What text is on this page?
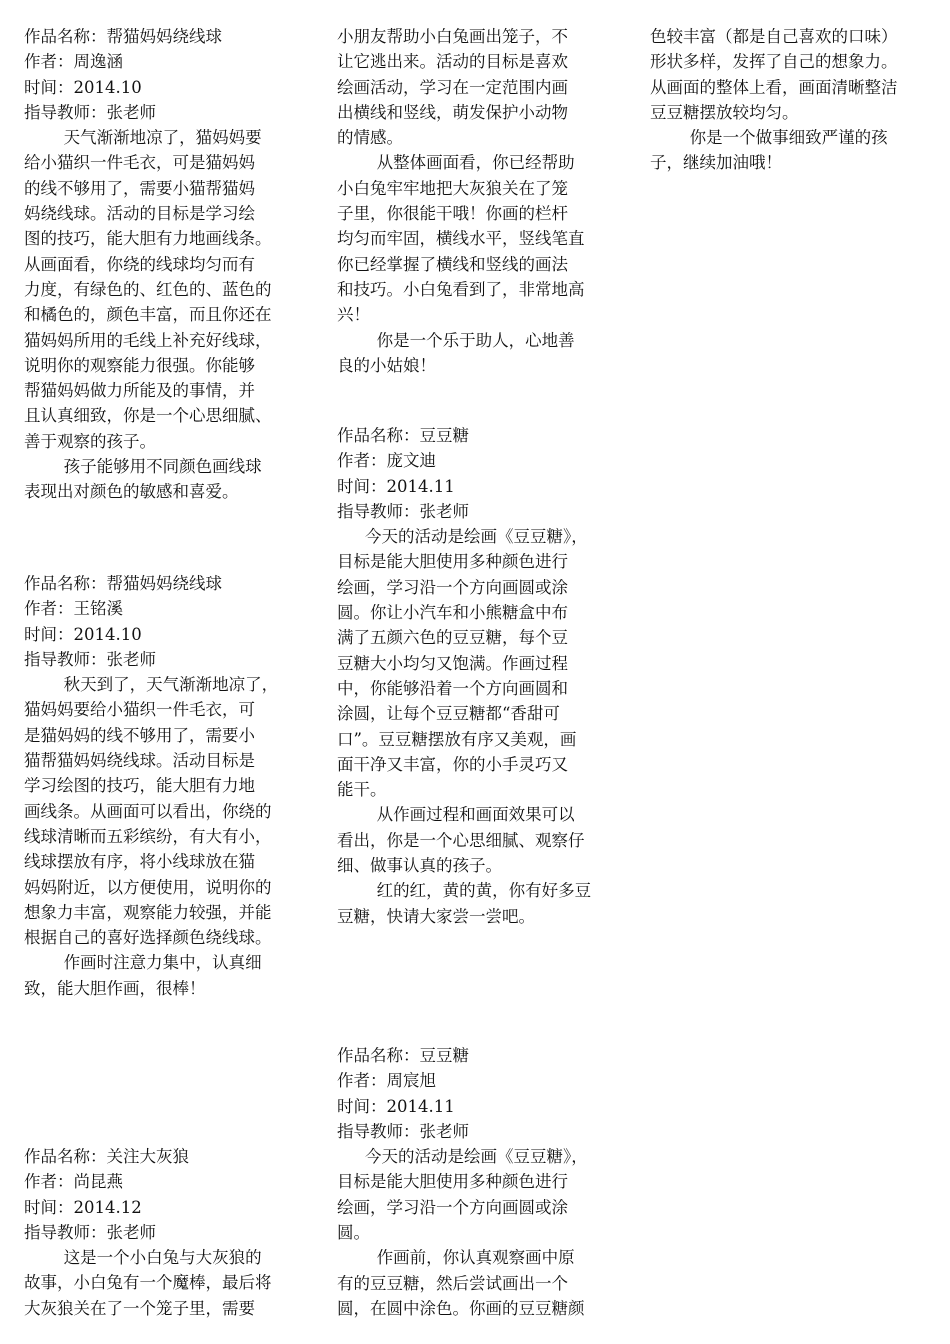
作品名称：帮猫妈妈绕线球

作者：周逸涵

时间：2014.10

指导教师：张老师

天气渐渐地凉了，猫妈妈要

给小猫织一件毛衣，可是猫妈妈

的线不够用了，需要小猫帮猫妈

妈绕线球。活动的目标是学习绘

图的技巧，能大胆有力地画线条。

从画面看，你绕的线球均匀而有

力度，有绿色的、红色的、蓝色的

和橘色的，颜色丰富，而且你还在

猫妈妈所用的毛线上补充好线球，

说明你的观察能力很强。你能够

帮猫妈妈做力所能及的事情，并

且认真细致，你是一个心思细腻、

善于观察的孩子。

孩子能够用不同颜色画线球

表现出对颜色的敏感和喜爱。

作品名称：帮猫妈妈绕线球

作者：王铭溪

时间：2014.10

指导教师：张老师

秋天到了，天气渐渐地凉了，

猫妈妈要给小猫织一件毛衣，可

是猫妈妈的线不够用了，需要小

猫帮猫妈妈绕线球。活动目标是

学习绘图的技巧，能大胆有力地

画线条。从画面可以看出，你绕的

线球清晰而五彩缤纷，有大有小，

线球摆放有序，将小线球放在猫

妈妈附近，以方便使用，说明你的

想象力丰富，观察能力较强，并能

根据自己的喜好选择颜色绕线球。

作画时注意力集中，认真细

致，能大胆作画，很棒！

作品名称：关注大灰狼

作者：尚昆燕

时间：2014.12

指导教师：张老师

这是一个小白兔与大灰狼的

故事，小白兔有一个魔棒，最后将

大灰狼关在了一个笼子里，需要

小朋友帮助小白兔画出笼子，不

让它逃出来。活动的目标是喜欢

绘画活动，学习在一定范围内画

出横线和竖线，萌发保护小动物

的情感。

从整体画面看，你已经帮助

小白兔牢牢地把大灰狼关在了笼

子里，你很能干哦！你画的栏杆

均匀而牢固，横线水平，竖线笔直

你已经掌握了横线和竖线的画法

和技巧。小白兔看到了，非常地高

兴！

你是一个乐于助人，心地善

良的小姑娘！

作品名称：豆豆糖

作者：庞文迪

时间：2014.11

指导教师：张老师

今天的活动是绘画《豆豆糖》，

目标是能大胆使用多种颜色进行

绘画，学习沿一个方向画圆或涂

圆。你让小汽车和小熊糖盒中布

满了五颜六色的豆豆糖，每个豆

豆糖大小均匀又饱满。作画过程

中，你能够沿着一个方向画圆和

涂圆，让每个豆豆糖都“香甜可

口”。豆豆糖摆放有序又美观，画

面干净又丰富，你的小手灵巧又

能干。

从作画过程和画面效果可以

看出，你是一个心思细腻、观察仔

细、做事认真的孩子。

红的红，黄的黄，你有好多豆

豆糖，快请大家尝一尝吧。

作品名称：豆豆糖

作者：周宸旭

时间：2014.11

指导教师：张老师

今天的活动是绘画《豆豆糖》，

目标是能大胆使用多种颜色进行

绘画，学习沿一个方向画圆或涂

圆。

作画前，你认真观察画中原

有的豆豆糖，然后尝试画出一个

圆，在圆中涂色。你画的豆豆糖颜

色较丰富（都是自己喜欢的口味）

形状多样，发挥了自己的想象力。

从画面的整体上看，画面清晰整洁

豆豆糖摆放较均匀。

你是一个做事细致严谨的孩

子，继续加油哦！
